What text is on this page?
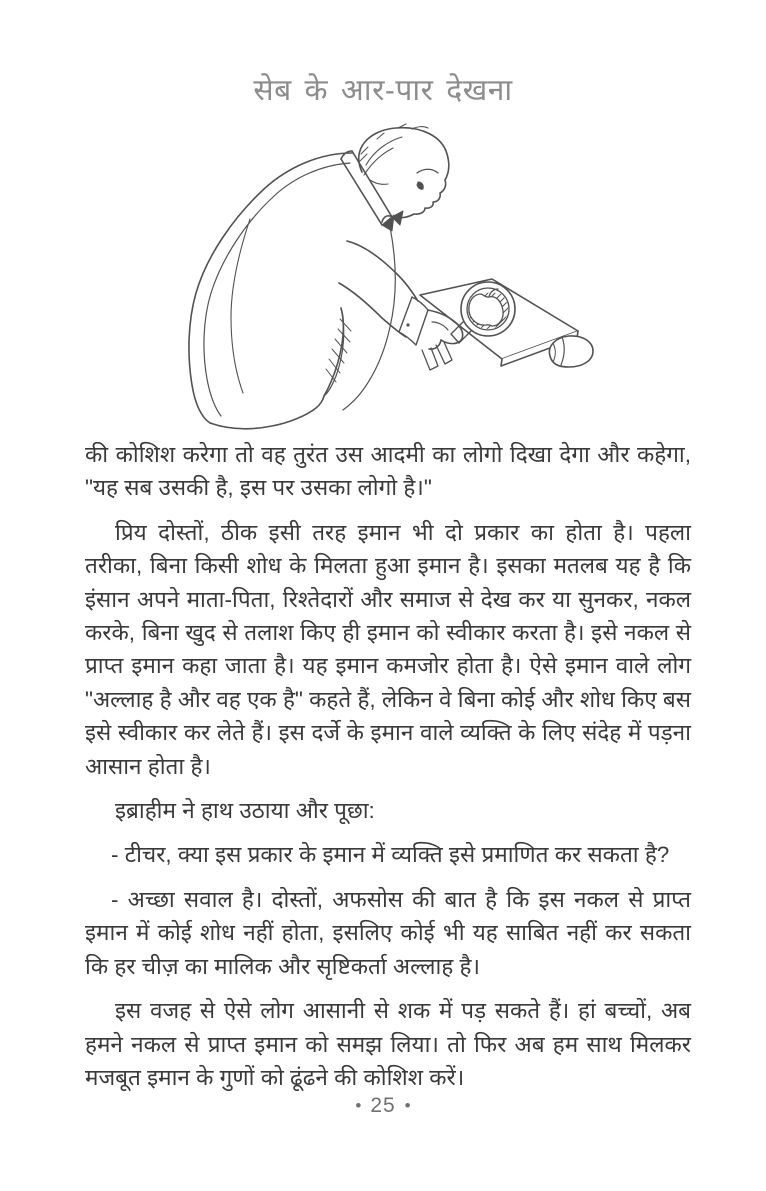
सेब के आर-पार देखना

की कोशिश करेगा तो वह तुरंत उस आदमी का लोगो दिखा देगा और कहेगा, "यह सब उसकी है, इस पर उसका लोगो है।"

प्रिय दोस्तों, ठीक इसी तरह इमान भी दो प्रकार का होता है। पहला तरीका, बिना किसी शोध के मिलता हुआ इमान है। इसका मतलब यह है कि इंसान अपने माता-पिता, रिश्तेदारों और समाज से देख कर या सुनकर, नकल करके, बिना खुद से तलाश किए ही इमान को स्वीकार करता है। इसे नकल से प्राप्त इमान कहा जाता है। यह इमान कमजोर होता है। ऐसे इमान वाले लोग "अल्लाह है और वह एक है" कहते हैं, लेकिन वे बिना कोई और शोध किए बस इसे स्वीकार कर लेते हैं। इस दर्जे के इमान वाले व्यक्ति के लिए संदेह में पड़ना आसान होता है।

इब्राहीम ने हाथ उठाया और पूछा:

- टीचर, क्या इस प्रकार के इमान में व्यक्ति इसे प्रमाणित कर सकता है?

- अच्छा सवाल है। दोस्तों, अफसोस की बात है कि इस नकल से प्राप्त इमान में कोई शोध नहीं होता, इसलिए कोई भी यह साबित नहीं कर सकता कि हर चीज़ का मालिक और सृष्टिकर्ता अल्लाह है।

इस वजह से ऐसे लोग आसानी से शक में पड़ सकते हैं। हां बच्चों, अब हमने नकल से प्राप्त इमान को समझ लिया। तो फिर अब हम साथ मिलकर मजबूत इमान के गुणों को ढूंढने की कोशिश करें।

• 25 •
